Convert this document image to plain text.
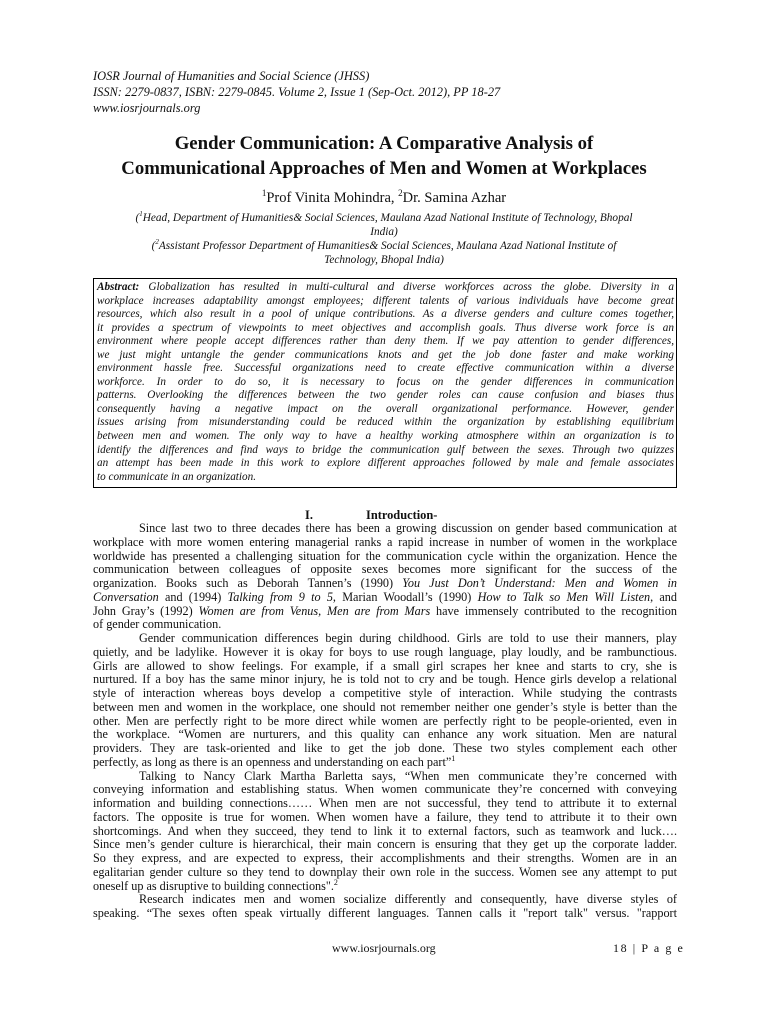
IOSR Journal of Humanities and Social Science (JHSS)
ISSN: 2279-0837, ISBN: 2279-0845. Volume 2, Issue 1 (Sep-Oct. 2012), PP 18-27
www.iosrjournals.org
Gender Communication: A Comparative Analysis of
Communicational Approaches of Men and Women at Workplaces
$^1$Prof Vinita Mohindra, $^2$Dr. Samina Azhar
($^1$Head, Department of Humanities& Social Sciences, Maulana Azad National Institute of Technology, Bhopal
India)
($^2$Assistant Professor Department of Humanities& Social Sciences, Maulana Azad National Institute of
Technology, Bhopal India)
Abstract: Globalization has resulted in multi-cultural and diverse workforces across the globe. Diversity in a
workplace increases adaptability amongst employees; different talents of various individuals have become great
resources, which also result in a pool of unique contributions. As a diverse genders and culture comes together,
it provides a spectrum of viewpoints to meet objectives and accomplish goals. Thus diverse work force is an
environment where people accept differences rather than deny them. If we pay attention to gender differences,
we just might untangle the gender communications knots and get the job done faster and make working
environment hassle free. Successful organizations need to create effective communication within a diverse
workforce. In order to do so, it is necessary to focus on the gender differences in communication
patterns. Overlooking the differences between the two gender roles can cause confusion and biases thus
consequently having a negative impact on the overall organizational performance. However, gender
issues arising from misunderstanding could be reduced within the organization by establishing equilibrium
between men and women. The only way to have a healthy working atmosphere within an organization is to
identify the differences and find ways to bridge the communication gulf between the sexes. Through two quizzes
an attempt has been made in this work to explore different approaches followed by male and female associates
to communicate in an organization.
I.	Introduction-
Since last two to three decades there has been a growing discussion on gender based communication at
workplace with more women entering managerial ranks a rapid increase in number of women in the workplace
worldwide has presented a challenging situation for the communication cycle within the organization. Hence the
communication between colleagues of opposite sexes becomes more significant for the success of the
organization. Books such as Deborah Tannen’s (1990) You Just Don’t Understand: Men and Women in
Conversation and (1994) Talking from 9 to 5, Marian Woodall’s (1990) How to Talk so Men Will Listen, and
John Gray’s (1992) Women are from Venus, Men are from Mars have immensely contributed to the recognition
of gender communication.
Gender communication differences begin during childhood. Girls are told to use their manners, play
quietly, and be ladylike. However it is okay for boys to use rough language, play loudly, and be rambunctious.
Girls are allowed to show feelings. For example, if a small girl scrapes her knee and starts to cry, she is
nurtured. If a boy has the same minor injury, he is told not to cry and be tough. Hence girls develop a relational
style of interaction whereas boys develop a competitive style of interaction. While studying the contrasts
between men and women in the workplace, one should not remember neither one gender’s style is better than the
other. Men are perfectly right to be more direct while women are perfectly right to be people-oriented, even in
the workplace. “Women are nurturers, and this quality can enhance any work situation. Men are natural
providers. They are task-oriented and like to get the job done. These two styles complement each other
perfectly, as long as there is an openness and understanding on each part”$^1$
Talking to Nancy Clark Martha Barletta says, “When men communicate they’re concerned with
conveying information and establishing status. When women communicate they’re concerned with conveying
information and building connections…… When men are not successful, they tend to attribute it to external
factors. The opposite is true for women. When women have a failure, they tend to attribute it to their own
shortcomings. And when they succeed, they tend to link it to external factors, such as teamwork and luck….
Since men’s gender culture is hierarchical, their main concern is ensuring that they get up the corporate ladder.
So they express, and are expected to express, their accomplishments and their strengths. Women are in an
egalitarian gender culture so they tend to downplay their own role in the success. Women see any attempt to put
oneself up as disruptive to building connections".$^2$
Research indicates men and women socialize differently and consequently, have diverse styles of
speaking. “The sexes often speak virtually different languages. Tannen calls it "report talk" versus. "rapport
www.iosrjournals.org	18 | P a g e
